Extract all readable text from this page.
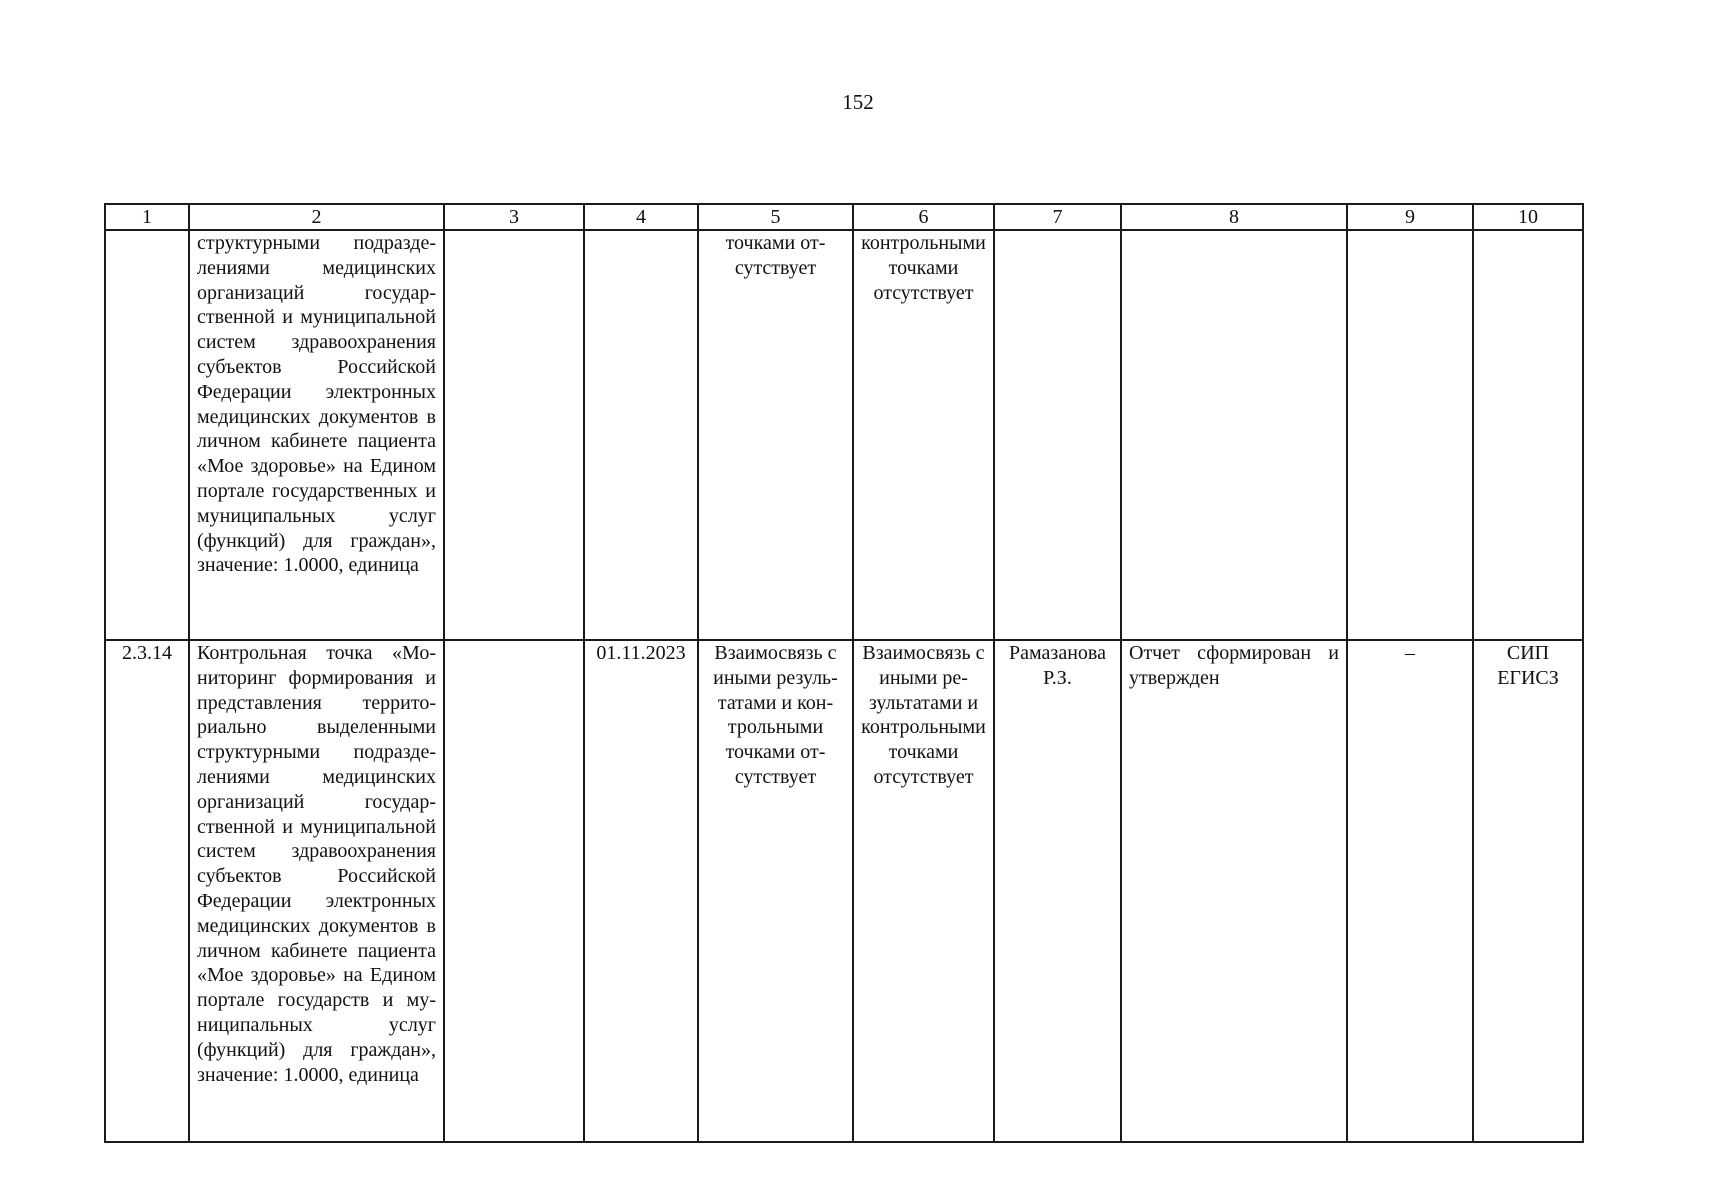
152
1	2	3	4	5	6	7	8	9	10

	структурными подразделениями медицинских организаций государственной и муниципальной систем здравоохранения субъектов Российской Федерации электронных медицинских документов в личном кабинете пациента «Мое здоровье» на Едином портале государственных и муниципальных услуг (функций) для граждан», значение: 1.0000, единица			точками отсутствует	контрольными точками отсутствует				

2.3.14	Контрольная точка «Мониторинг формирования и представления территориально выделенными структурными подразделениями медицинских организаций государственной и муниципальной систем здравоохранения субъектов Российской Федерации электронных медицинских документов в личном кабинете пациента «Мое здоровье» на Едином портале государств и муниципальных услуг (функций) для граждан», значение: 1.0000, единица		01.11.2023	Взаимосвязь с иными результатами и контрольными точками отсутствует	Взаимосвязь с иными результатами и контрольными точками отсутствует	Рамазанова Р.З.	Отчет сформирован и утвержден	–	СИП ЕГИСЗ
